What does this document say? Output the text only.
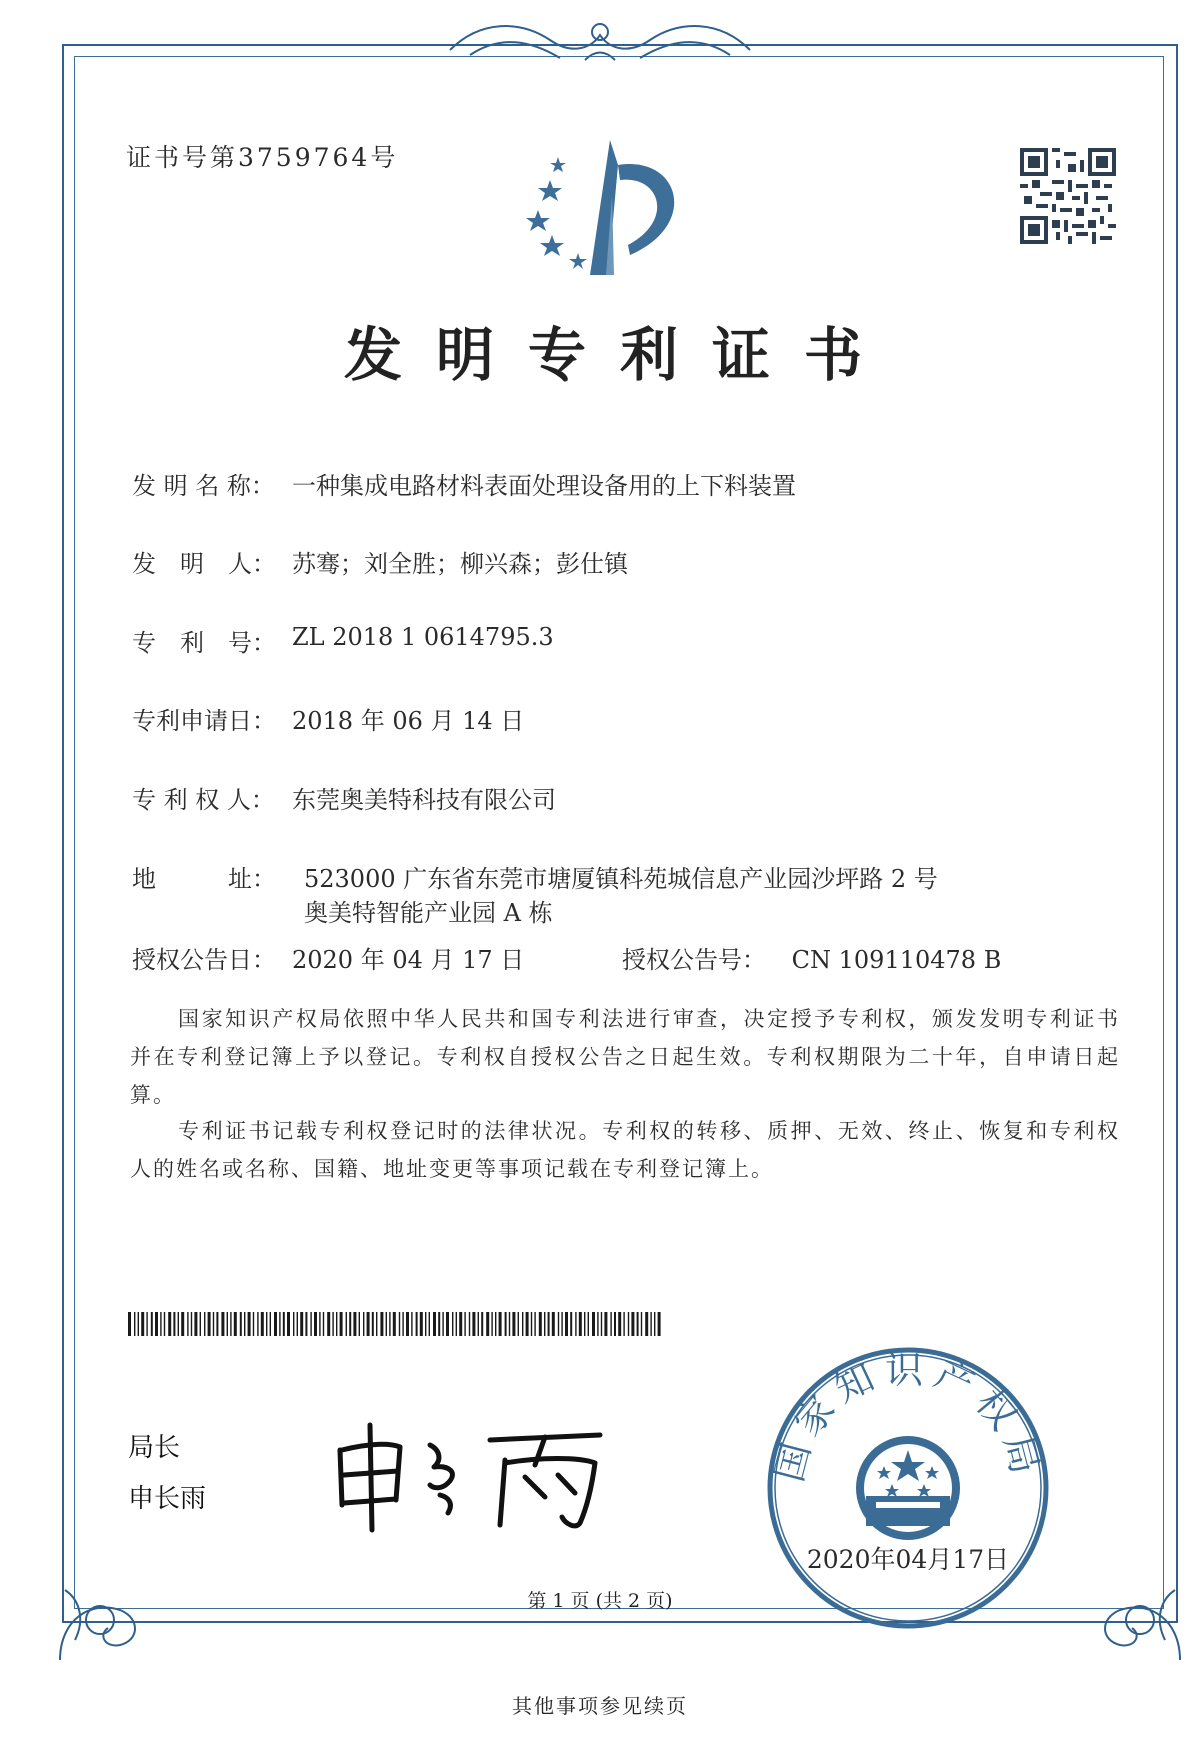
证书号第3759764号
发明专利证书
发 明 名 称： 一种集成电路材料表面处理设备用的上下料装置
发　明　人： 苏骞；刘全胜；柳兴森；彭仕镇
专　利　号： ZL 2018 1 0614795.3
专利申请日： 2018 年 06 月 14 日
专 利 权 人： 东莞奥美特科技有限公司
地　　　址：	523000 广东省东莞市塘厦镇科苑城信息产业园沙坪路 2 号
奥美特智能产业园 A 栋
授权公告日： 2020 年 04 月 17 日	授权公告号： CN 109110478 B
国家知识产权局依照中华人民共和国专利法进行审查，决定授予专利权，颁发发明专利证书并在专利登记簿上予以登记。专利权自授权公告之日起生效。专利权期限为二十年，自申请日起算。
专利证书记载专利权登记时的法律状况。专利权的转移、质押、无效、终止、恢复和专利权人的姓名或名称、国籍、地址变更等事项记载在专利登记簿上。
局长
申长雨
国家知识产权局
2020年04月17日
第 1 页 (共 2 页)
其他事项参见续页
